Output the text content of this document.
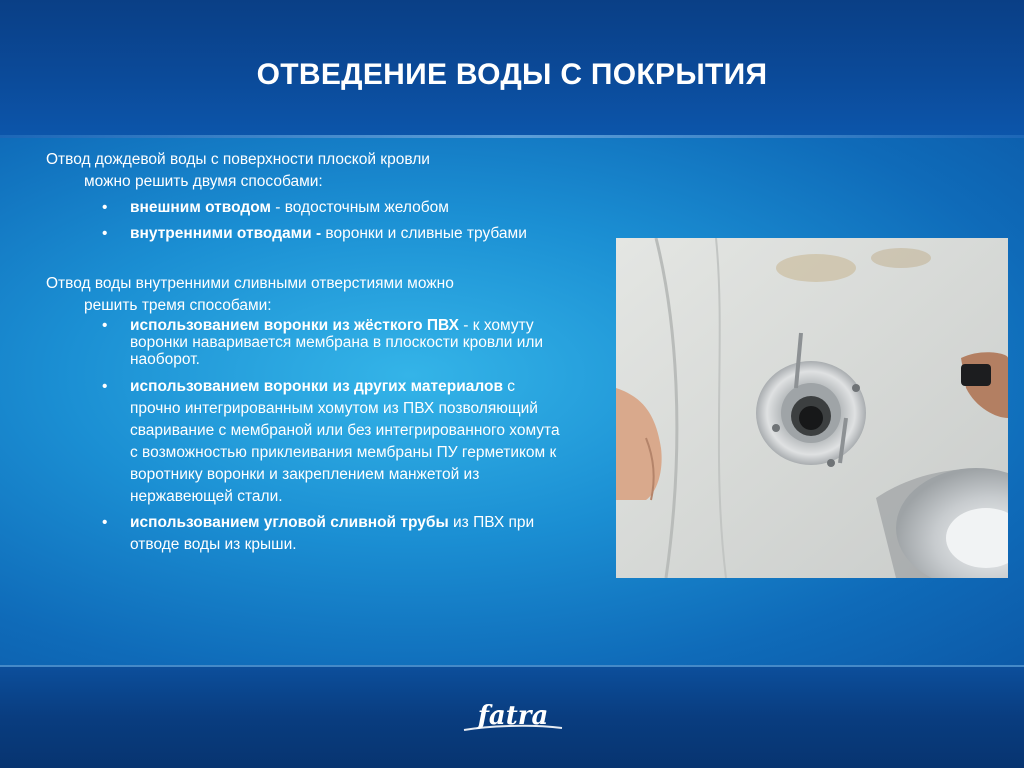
ОТВЕДЕНИЕ ВОДЫ С ПОКРЫТИЯ

Отвод дождевой воды с поверхности плоской кровли
можно решить двумя способами:

• внешним отводом - водосточным желобом
• внутренними отводами - воронки и сливные трубами

Отвод воды внутренними сливными отверстиями можно
решить тремя способами:

• использованием воронки из жёсткого ПВХ - к хомуту воронки наваривается мембрана в плоскости кровли или наоборот.
• использованием воронки из других материалов с прочно интегрированным хомутом из ПВХ позволяющий сваривание с мембраной или без интегрированного хомута с возможностью приклеивания мембраны ПУ герметиком к воротнику воронки и закреплением манжетой из нержавеющей стали.
• использованием угловой сливной трубы из ПВХ при отводе воды из крыши.
fatra
